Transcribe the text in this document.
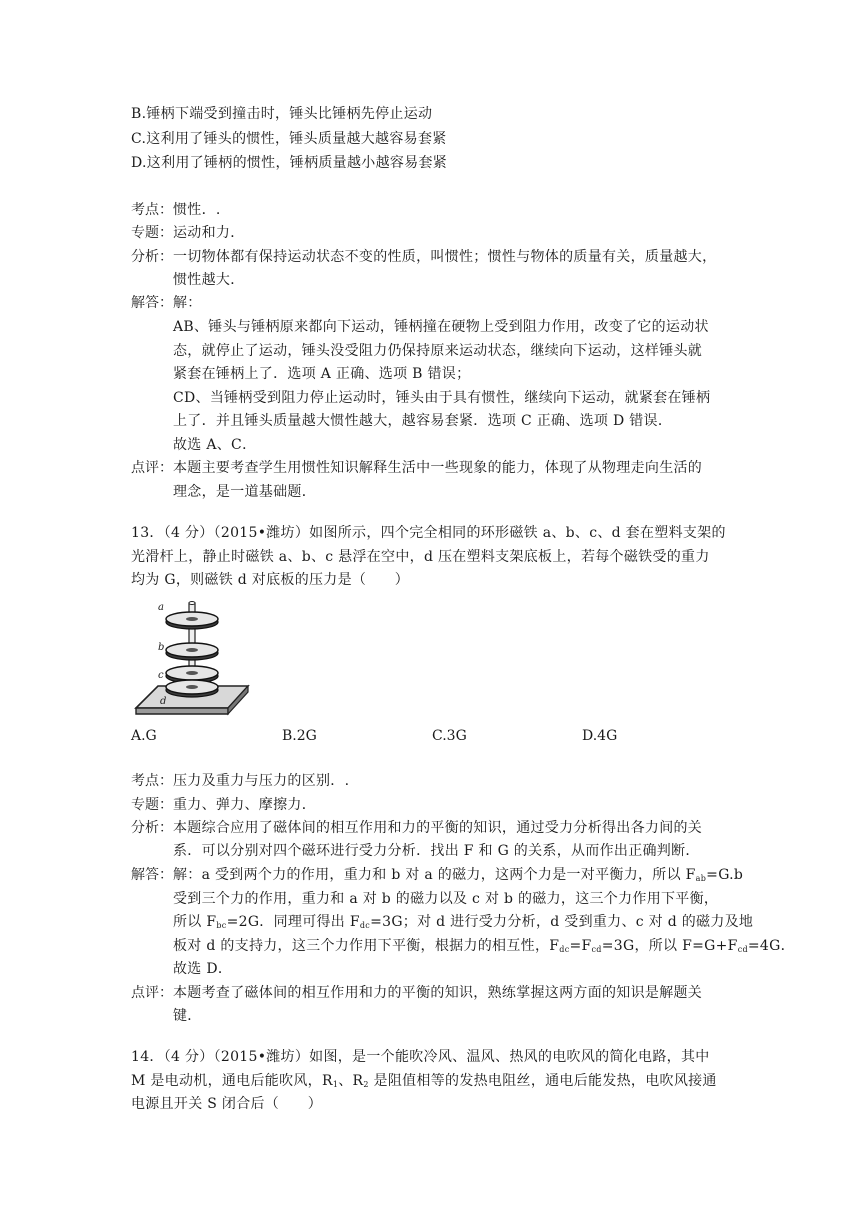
B.锤柄下端受到撞击时，锤头比锤柄先停止运动
C.这利用了锤头的惯性，锤头质量越大越容易套紧
D.这利用了锤柄的惯性，锤柄质量越小越容易套紧
考点： 惯性．.
专题： 运动和力．
分析： 一切物体都有保持运动状态不变的性质，叫惯性；惯性与物体的质量有关，质量越大，
惯性越大．
解答： 解：
AB、锤头与锤柄原来都向下运动，锤柄撞在硬物上受到阻力作用，改变了它的运动状
态，就停止了运动，锤头没受阻力仍保持原来运动状态，继续向下运动，这样锤头就
紧套在锤柄上了．选项 A 正确、选项 B 错误；
CD、当锤柄受到阻力停止运动时，锤头由于具有惯性，继续向下运动，就紧套在锤柄
上了．并且锤头质量越大惯性越大，越容易套紧．选项 C 正确、选项 D 错误．
故选 A、C．
点评： 本题主要考查学生用惯性知识解释生活中一些现象的能力，体现了从物理走向生活的
理念，是一道基础题．
13．（4 分）（2015•潍坊）如图所示，四个完全相同的环形磁铁 a、b、c、d 套在塑料支架的
光滑杆上，静止时磁铁 a、b、c 悬浮在空中，d 压在塑料支架底板上，若每个磁铁受的重力
均为 G，则磁铁 d 对底板的压力是（　　）
a
b
c
d
A.G	B.2G	C.3G	D.4G
考点： 压力及重力与压力的区别．.
专题： 重力、弹力、摩擦力．
分析： 本题综合应用了磁体间的相互作用和力的平衡的知识，通过受力分析得出各力间的关
系．可以分别对四个磁环进行受力分析．找出 F 和 G 的关系，从而作出正确判断．
解答： 解：a 受到两个力的作用，重力和 b 对 a 的磁力，这两个力是一对平衡力，所以 $F_{ab}=G.b$
受到三个力的作用，重力和 a 对 b 的磁力以及 c 对 b 的磁力，这三个力作用下平衡，
所以 $F_{bc}=2G$．同理可得出 $F_{dc}=3G$；对 d 进行受力分析，d 受到重力、c 对 d 的磁力及地
板对 d 的支持力，这三个力作用下平衡，根据力的相互性，$F_{dc}=F_{cd}=3G$，所以 $F=G+F_{cd}=4G$．
故选 D．
点评： 本题考查了磁体间的相互作用和力的平衡的知识，熟练掌握这两方面的知识是解题关
键．
14．（4 分）（2015•潍坊）如图，是一个能吹冷风、温风、热风的电吹风的简化电路，其中
M 是电动机，通电后能吹风，$R_1$、$R_2$ 是阻值相等的发热电阻丝，通电后能发热，电吹风接通
电源且开关 S 闭合后（　　）
